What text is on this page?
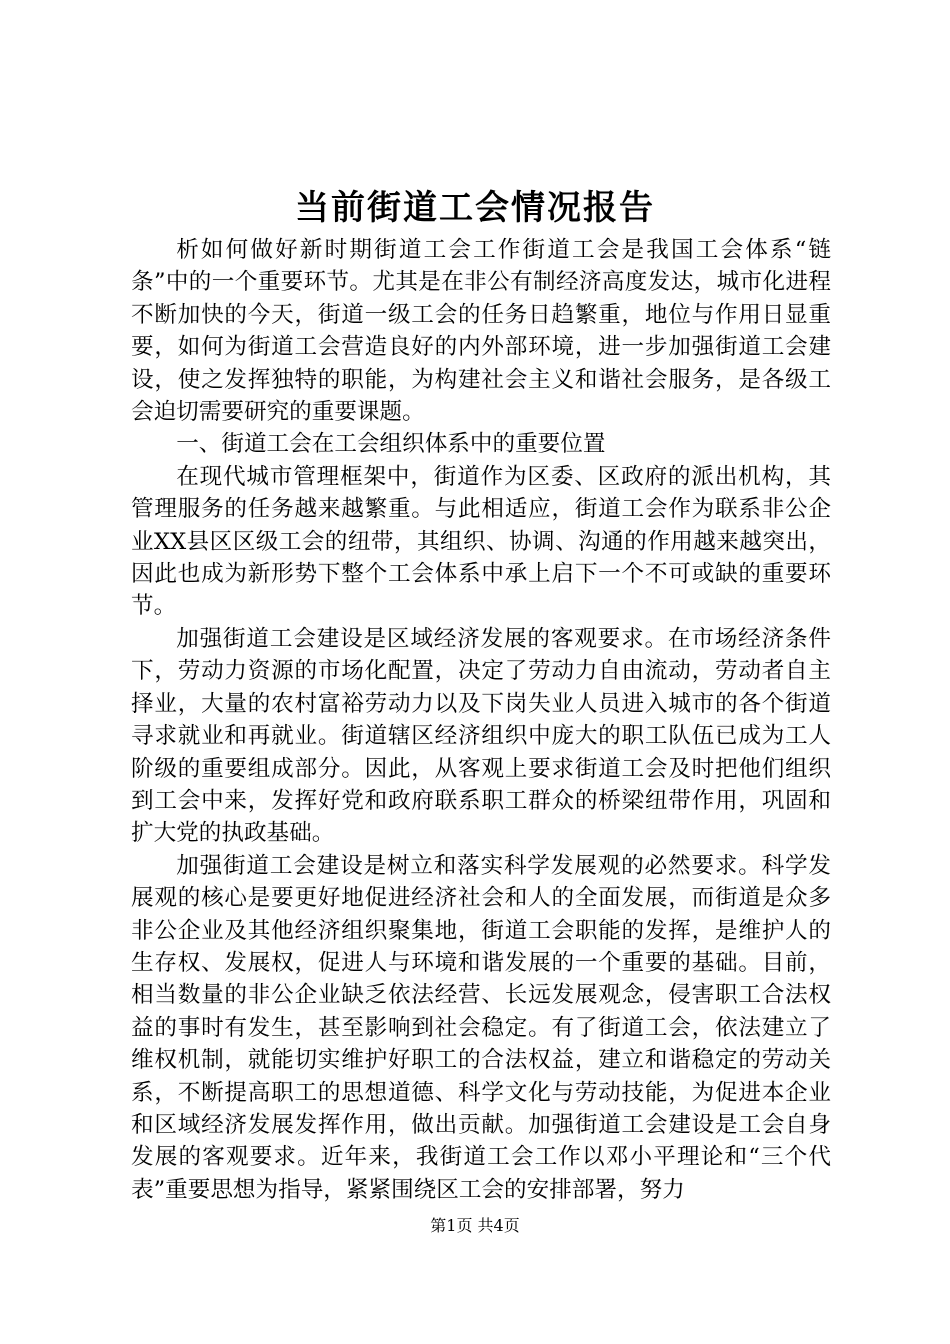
当前街道工会情况报告

析如何做好新时期街道工会工作街道工会是我国工会体系“链条”中的一个重要环节。尤其是在非公有制经济高度发达，城市化进程不断加快的今天，街道一级工会的任务日趋繁重，地位与作用日显重要，如何为街道工会营造良好的内外部环境，进一步加强街道工会建设，使之发挥独特的职能，为构建社会主义和谐社会服务，是各级工会迫切需要研究的重要课题。

一、街道工会在工会组织体系中的重要位置

在现代城市管理框架中，街道作为区委、区政府的派出机构，其管理服务的任务越来越繁重。与此相适应，街道工会作为联系非公企业XX县区区级工会的纽带，其组织、协调、沟通的作用越来越突出，因此也成为新形势下整个工会体系中承上启下一个不可或缺的重要环节。

加强街道工会建设是区域经济发展的客观要求。在市场经济条件下，劳动力资源的市场化配置，决定了劳动力自由流动，劳动者自主择业，大量的农村富裕劳动力以及下岗失业人员进入城市的各个街道寻求就业和再就业。街道辖区经济组织中庞大的职工队伍已成为工人阶级的重要组成部分。因此，从客观上要求街道工会及时把他们组织到工会中来，发挥好党和政府联系职工群众的桥梁纽带作用，巩固和扩大党的执政基础。

加强街道工会建设是树立和落实科学发展观的必然要求。科学发展观的核心是要更好地促进经济社会和人的全面发展，而街道是众多非公企业及其他经济组织聚集地，街道工会职能的发挥，是维护人的生存权、发展权，促进人与环境和谐发展的一个重要的基础。目前，相当数量的非公企业缺乏依法经营、长远发展观念，侵害职工合法权益的事时有发生，甚至影响到社会稳定。有了街道工会，依法建立了维权机制，就能切实维护好职工的合法权益，建立和谐稳定的劳动关系，不断提高职工的思想道德、科学文化与劳动技能，为促进本企业和区域经济发展发挥作用，做出贡献。加强街道工会建设是工会自身发展的客观要求。近年来，我街道工会工作以邓小平理论和“三个代表”重要思想为指导，紧紧围绕区工会的安排部署，努力

第1页 共4页
